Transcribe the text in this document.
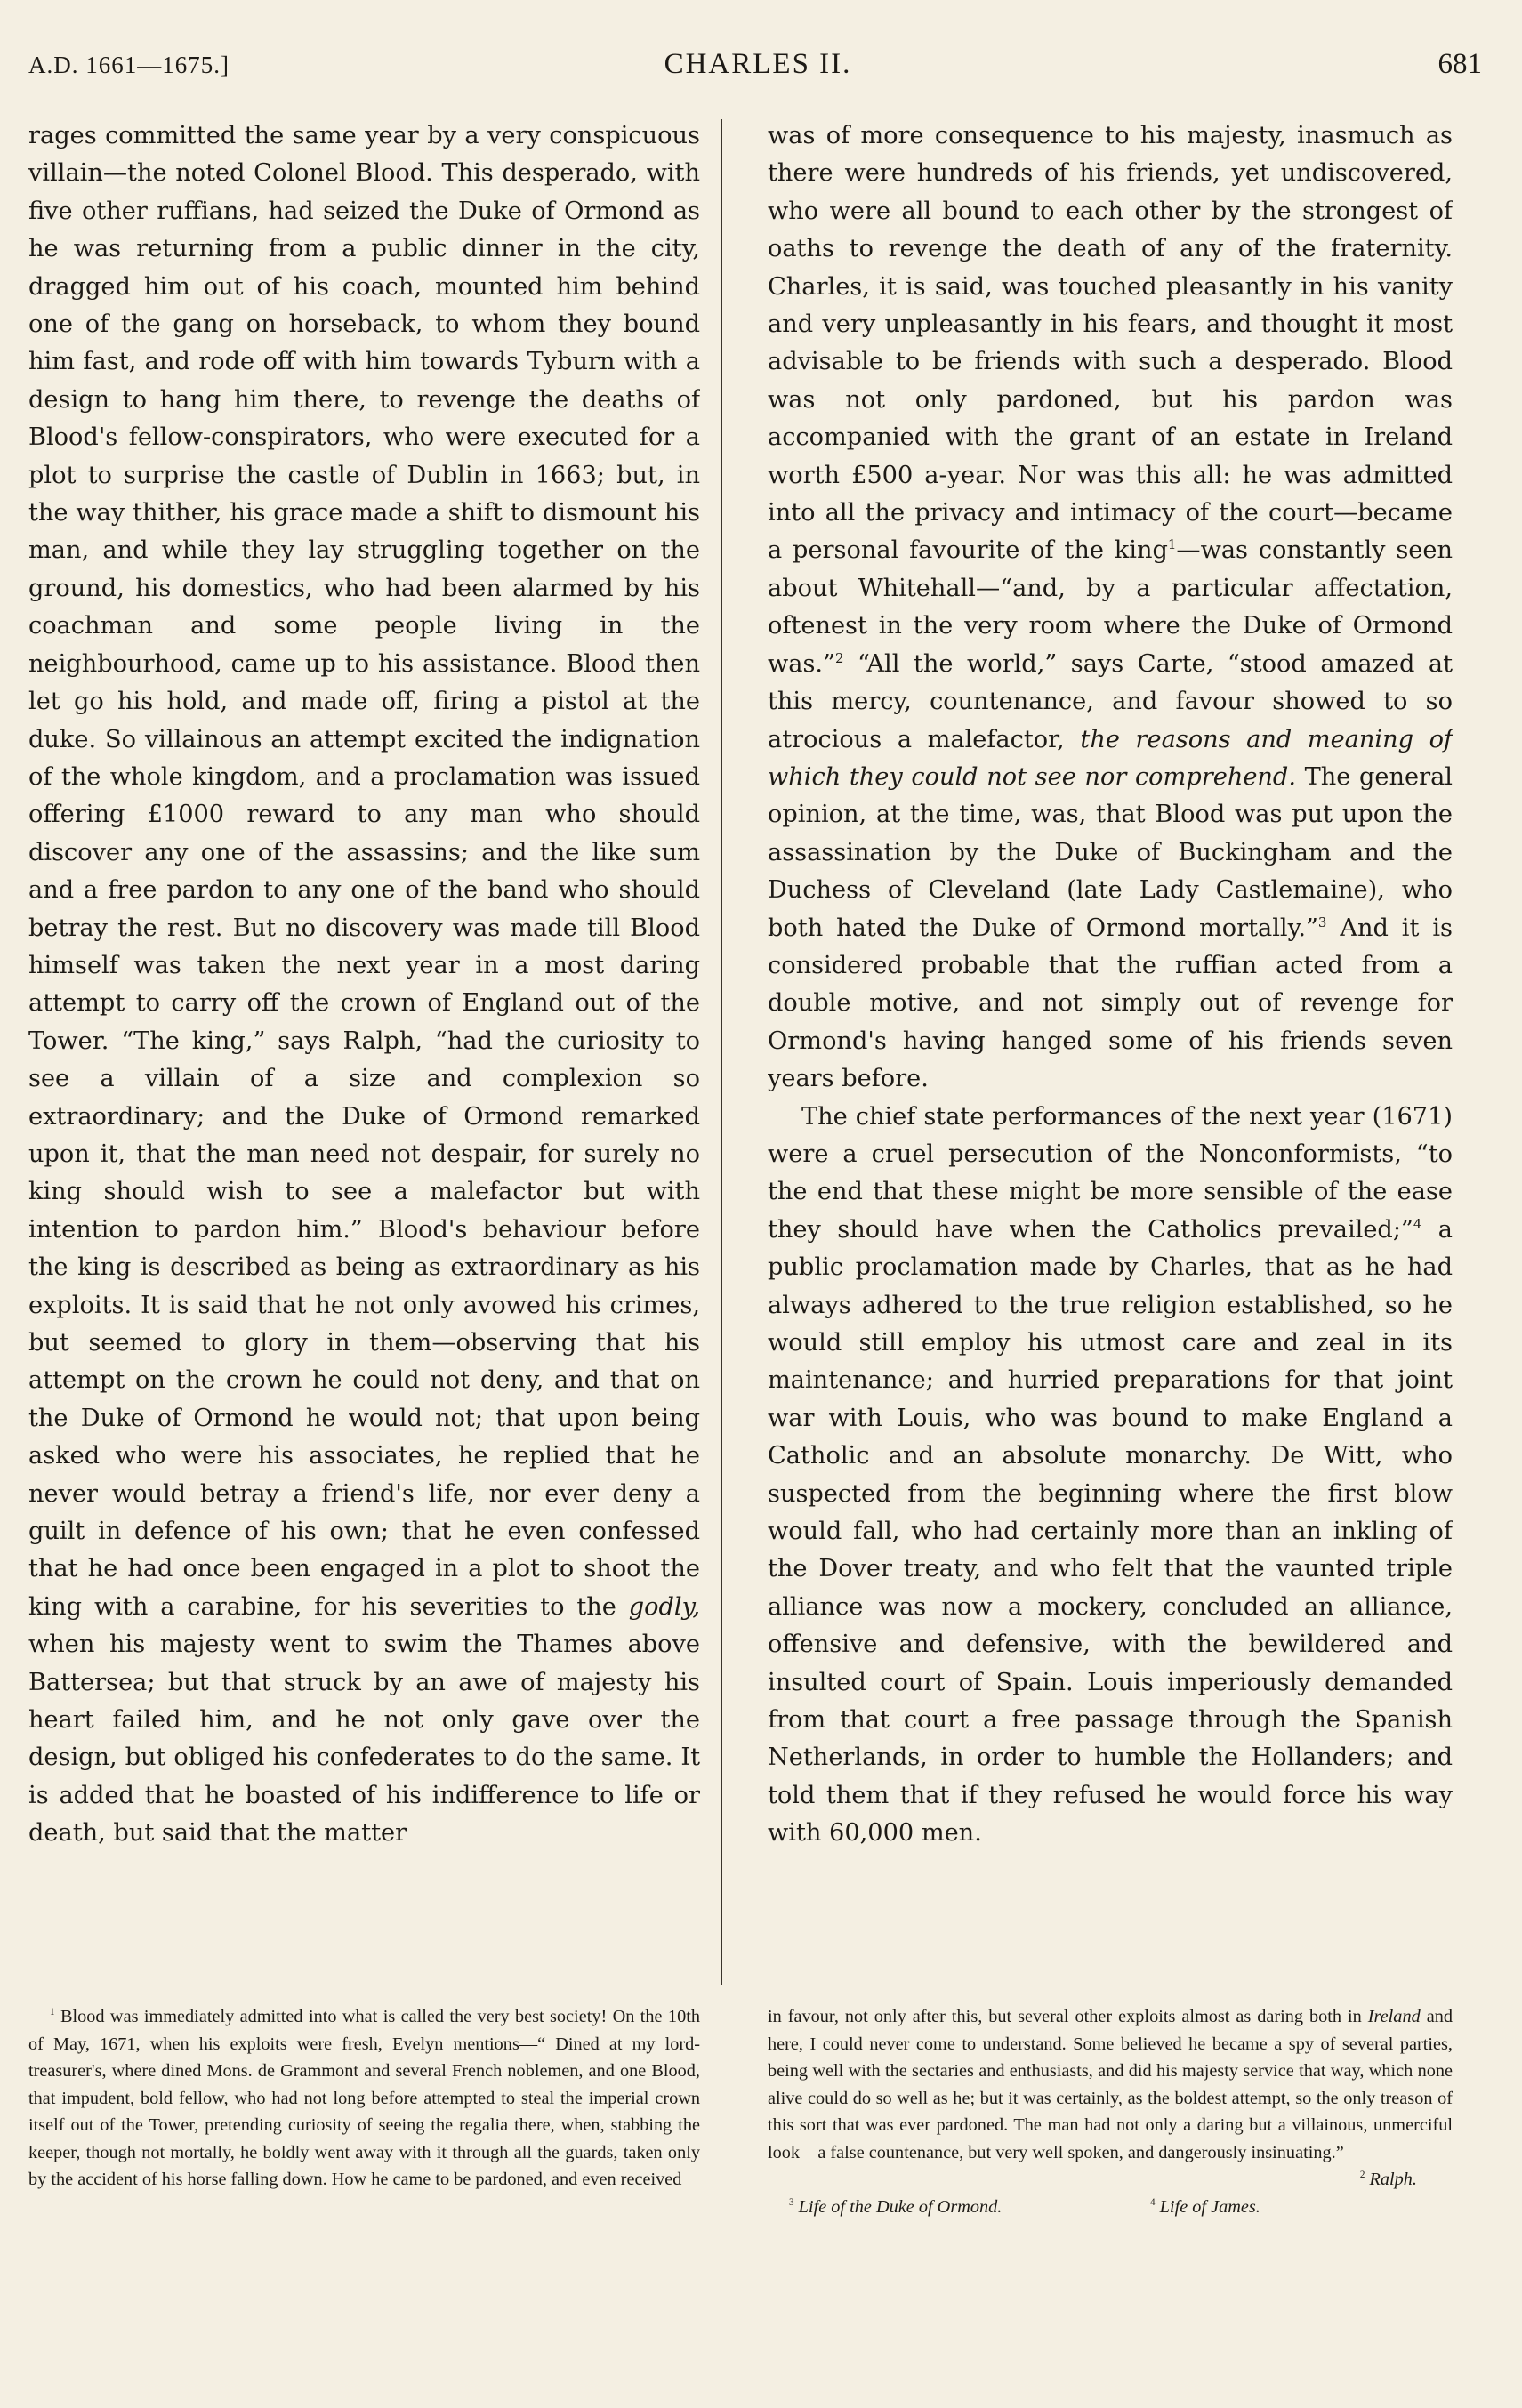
A.D. 1661—1675.]	CHARLES II.	681

rages committed the same year by a very conspicuous villain—the noted Colonel Blood. This desperado, with five other ruffians, had seized the Duke of Ormond as he was returning from a public dinner in the city, dragged him out of his coach, mounted him behind one of the gang on horseback, to whom they bound him fast, and rode off with him towards Tyburn with a design to hang him there, to revenge the deaths of Blood's fellow-conspirators, who were executed for a plot to surprise the castle of Dublin in 1663; but, in the way thither, his grace made a shift to dismount his man, and while they lay struggling together on the ground, his domestics, who had been alarmed by his coachman and some people living in the neighbourhood, came up to his assistance. Blood then let go his hold, and made off, firing a pistol at the duke. So villainous an attempt excited the indignation of the whole kingdom, and a proclamation was issued offering £1000 reward to any man who should discover any one of the assassins; and the like sum and a free pardon to any one of the band who should betray the rest. But no discovery was made till Blood himself was taken the next year in a most daring attempt to carry off the crown of England out of the Tower. “The king,” says Ralph, “had the curiosity to see a villain of a size and complexion so extraordinary; and the Duke of Ormond remarked upon it, that the man need not despair, for surely no king should wish to see a malefactor but with intention to pardon him.” Blood's behaviour before the king is described as being as extraordinary as his exploits. It is said that he not only avowed his crimes, but seemed to glory in them—observing that his attempt on the crown he could not deny, and that on the Duke of Ormond he would not; that upon being asked who were his associates, he replied that he never would betray a friend's life, nor ever deny a guilt in defence of his own; that he even confessed that he had once been engaged in a plot to shoot the king with a carabine, for his severities to the godly, when his majesty went to swim the Thames above Battersea; but that struck by an awe of majesty his heart failed him, and he not only gave over the design, but obliged his confederates to do the same. It is added that he boasted of his indifference to life or death, but said that the matter

was of more consequence to his majesty, inasmuch as there were hundreds of his friends, yet undiscovered, who were all bound to each other by the strongest of oaths to revenge the death of any of the fraternity. Charles, it is said, was touched pleasantly in his vanity and very unpleasantly in his fears, and thought it most advisable to be friends with such a desperado. Blood was not only pardoned, but his pardon was accompanied with the grant of an estate in Ireland worth £500 a-year. Nor was this all: he was admitted into all the privacy and intimacy of the court—became a personal favourite of the king$^1$—was constantly seen about Whitehall—“and, by a particular affectation, oftenest in the very room where the Duke of Ormond was.”$^2$ “All the world,” says Carte, “stood amazed at this mercy, countenance, and favour showed to so atrocious a malefactor, the reasons and meaning of which they could not see nor comprehend. The general opinion, at the time, was, that Blood was put upon the assassination by the Duke of Buckingham and the Duchess of Cleveland (late Lady Castlemaine), who both hated the Duke of Ormond mortally.”$^3$ And it is considered probable that the ruffian acted from a double motive, and not simply out of revenge for Ormond's having hanged some of his friends seven years before.

The chief state performances of the next year (1671) were a cruel persecution of the Nonconformists, “to the end that these might be more sensible of the ease they should have when the Catholics prevailed;”$^4$ a public proclamation made by Charles, that as he had always adhered to the true religion established, so he would still employ his utmost care and zeal in its maintenance; and hurried preparations for that joint war with Louis, who was bound to make England a Catholic and an absolute monarchy. De Witt, who suspected from the beginning where the first blow would fall, who had certainly more than an inkling of the Dover treaty, and who felt that the vaunted triple alliance was now a mockery, concluded an alliance, offensive and defensive, with the bewildered and insulted court of Spain. Louis imperiously demanded from that court a free passage through the Spanish Netherlands, in order to humble the Hollanders; and told them that if they refused he would force his way with 60,000 men.

$^1$ Blood was immediately admitted into what is called the very best society! On the 10th of May, 1671, when his exploits were fresh, Evelyn mentions—“ Dined at my lord-treasurer's, where dined Mons. de Grammont and several French noblemen, and one Blood, that impudent, bold fellow, who had not long before attempted to steal the imperial crown itself out of the Tower, pretending curiosity of seeing the regalia there, when, stabbing the keeper, though not mortally, he boldly went away with it through all the guards, taken only by the accident of his horse falling down. How he came to be pardoned, and even received

in favour, not only after this, but several other exploits almost as daring both in Ireland and here, I could never come to understand. Some believed he became a spy of several parties, being well with the sectaries and enthusiasts, and did his majesty service that way, which none alive could do so well as he; but it was certainly, as the boldest attempt, so the only treason of this sort that was ever pardoned. The man had not only a daring but a villainous, unmerciful look—a false countenance, but very well spoken, and dangerously insinuating.”

$^2$ Ralph.

$^3$ Life of the Duke of Ormond.	$^4$ Life of James.
